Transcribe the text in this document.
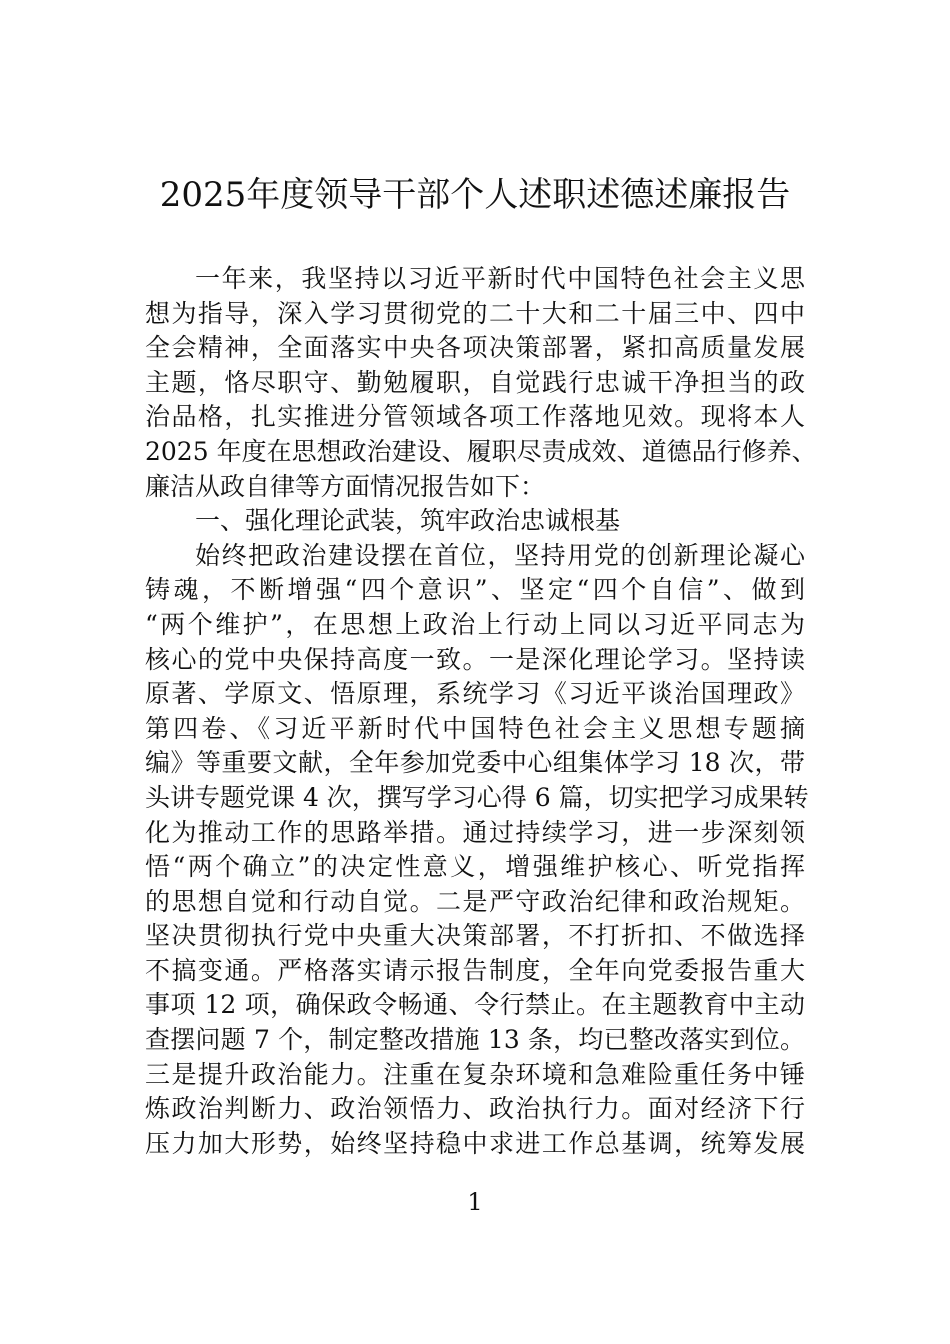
2025年度领导干部个人述职述德述廉报告
一年来，我坚持以习近平新时代中国特色社会主义思
想为指导，深入学习贯彻党的二十大和二十届三中、四中
全会精神，全面落实中央各项决策部署，紧扣高质量发展
主题，恪尽职守、勤勉履职，自觉践行忠诚干净担当的政
治品格，扎实推进分管领域各项工作落地见效。现将本人
2025 年度在思想政治建设、履职尽责成效、道德品行修养、
廉洁从政自律等方面情况报告如下：
一、强化理论武装，筑牢政治忠诚根基
始终把政治建设摆在首位，坚持用党的创新理论凝心
铸魂，不断增强“四个意识”、坚定“四个自信”、做到
“两个维护”，在思想上政治上行动上同以习近平同志为
核心的党中央保持高度一致。一是深化理论学习。坚持读
原著、学原文、悟原理，系统学习《习近平谈治国理政》
第四卷、《习近平新时代中国特色社会主义思想专题摘
编》等重要文献，全年参加党委中心组集体学习 18 次，带
头讲专题党课 4 次，撰写学习心得 6 篇，切实把学习成果转
化为推动工作的思路举措。通过持续学习，进一步深刻领
悟“两个确立”的决定性意义，增强维护核心、听党指挥
的思想自觉和行动自觉。二是严守政治纪律和政治规矩。
坚决贯彻执行党中央重大决策部署，不打折扣、不做选择
不搞变通。严格落实请示报告制度，全年向党委报告重大
事项 12 项，确保政令畅通、令行禁止。在主题教育中主动
查摆问题 7 个，制定整改措施 13 条，均已整改落实到位。
三是提升政治能力。注重在复杂环境和急难险重任务中锤
炼政治判断力、政治领悟力、政治执行力。面对经济下行
压力加大形势，始终坚持稳中求进工作总基调，统筹发展
1
